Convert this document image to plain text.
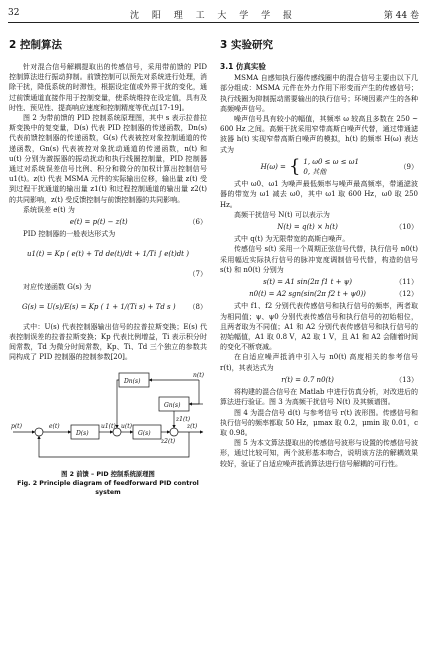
32	沈 阳 理 工 大 学 学 报	第 44 卷
2 控制算法

针对混合信号解耦提取出的传感信号，采用带前馈的 PID 控制算法进行振动抑制。前馈控制可以预先对系统进行处理，消除干扰，降低系统的时滞性，根据设定值或外界干扰的变化，通过前馈通道直接作用于控制变量，使系统维持在设定值，具有及时性、预见性、提高响应速度和控制精度等优点[17-19]。

图 2 为带前馈的 PID 控制系统原理图，其中 s 表示拉普拉斯变换中的复变量，D(s) 代表 PID 控制器的传递函数，Dn(s) 代表前馈控制器的传递函数，G(s) 代表被控对象控制通道的传递函数，Gn(s) 代表被控对象扰动通道的传递函数，n(t) 和 u(t) 分别为激振器的振动扰动和执行线圈控制量，PID 控制器通过对系统误差信号比例、积分和微分的加权计算出控制信号 u1(t)。z(t) 代表 MSMA 元件的实际输出位移，输出量 z(t) 受到过程干扰通道的输出量 z1(t) 和过程控制通道的输出量 z2(t) 的共同影响，z(t) 受反馈控制与前馈控制器的共同影响。

系统误差 e(t) 为

e(t) = p(t) − z(t)	（6）

PID 控制器的一般表达形式为

u1(t) = Kp ( e(t) + Td de(t)/dt + 1/Ti ∫ e(t)dt )
（7）

对应传递函数 G(s) 为

G(s) = U(s)/E(s) = Kp ( 1 + 1/(Ti s) + Td s )	（8）

式中：U(s) 代表控制器输出信号的拉普拉斯变换；E(s) 代表控制误差的拉普拉斯变换；Kp 代表比例增益，Ti 表示积分时间常数，Td 为微分时间常数，Kp、Ti、Td 三个独立的参数共同构成了 PID 控制器的控制参数[20]。

Dn(s)
Gn(s)
D(s)	G(s)
n(t)
p(t)	e(t)	u1(t) u(t)
z1(t)
z2(t)
z(t)
图 2 前馈 – PID 控制系统原理图
Fig. 2 Principle diagram of feedforward PID control
system
3 实验研究
3.1 仿真实验

MSMA 自感知执行器传感线圈中的混合信号主要由以下几部分组成：MSMA 元件在外力作用下形变而产生的传感信号；执行线圈为抑制振动需要输出的执行信号；环境因素产生的各种高频噪声信号。

噪声信号具有较小的幅值，其频率 ω 较高且多数在 250 ~ 600 Hz 之间。高频干扰采用窄带高斯白噪声代替，通过带通滤波器 h(t) 实现窄带高斯白噪声的模拟，h(t) 的频率 H(ω) 表达式为

H(ω) = { 1, ω0 ≤ ω ≤ ω1
0, 其他
（9）

式中 ω0、ω1 为噪声最低频率与噪声最高频率，带通滤波器的带宽为 ω1 减去 ω0，其中 ω1 取 600 Hz，ω0 取 250 Hz。

高频干扰信号 N(t) 可以表示为

N(t) = q(t) × h(t)	（10）

式中 q(t) 为无限带宽的高斯白噪声。

传感信号 s(t) 采用一个周期正弦信号代替，执行信号 n0(t) 采用幅近实际执行信号的脉冲宽度调制信号代替，构造的信号 s(t) 和 n0(t) 分别为

s(t) = A1 sin(2π f1 t + ψ)	（11）
n0(t) = A2 sgn(sin(2π f2 t + ψ0))	（12）

式中 f1、f2 分别代表传感信号和执行信号的频率，两者取为相同值；ψ、ψ0 分别代表传感信号和执行信号的初始相位，且两者取为不同值；A1 和 A2 分别代表传感信号和执行信号的初始幅值，A1 取 0.8 V，A2 取 1 V，且 A1 和 A2 会随着时间的变化不断衰减。

在自适应噪声抵消中引入与 n0(t) 高度相关的参考信号 r(t)，其表达式为

r(t) = 0.7 n0(t)	（13）

将构建的混合信号在 Matlab 中进行仿真分析，对改进后的算法进行验证。图 3 为高频干扰信号 N(t) 及其频谱图。

图 4 为混合信号 d(t) 与参考信号 r(t) 波形图。传感信号和执行信号的频率都取 50 Hz，μmax 取 0.2，μmin 取 0.01，c 取 0.98。

图 5 为本文算法提取出的传感信号波形与设置的传感信号波形，通过比较可知，两个波形基本吻合，说明该方法的解耦效果较好，验证了自适应噪声抵消算法进行信号解耦的可行性。
